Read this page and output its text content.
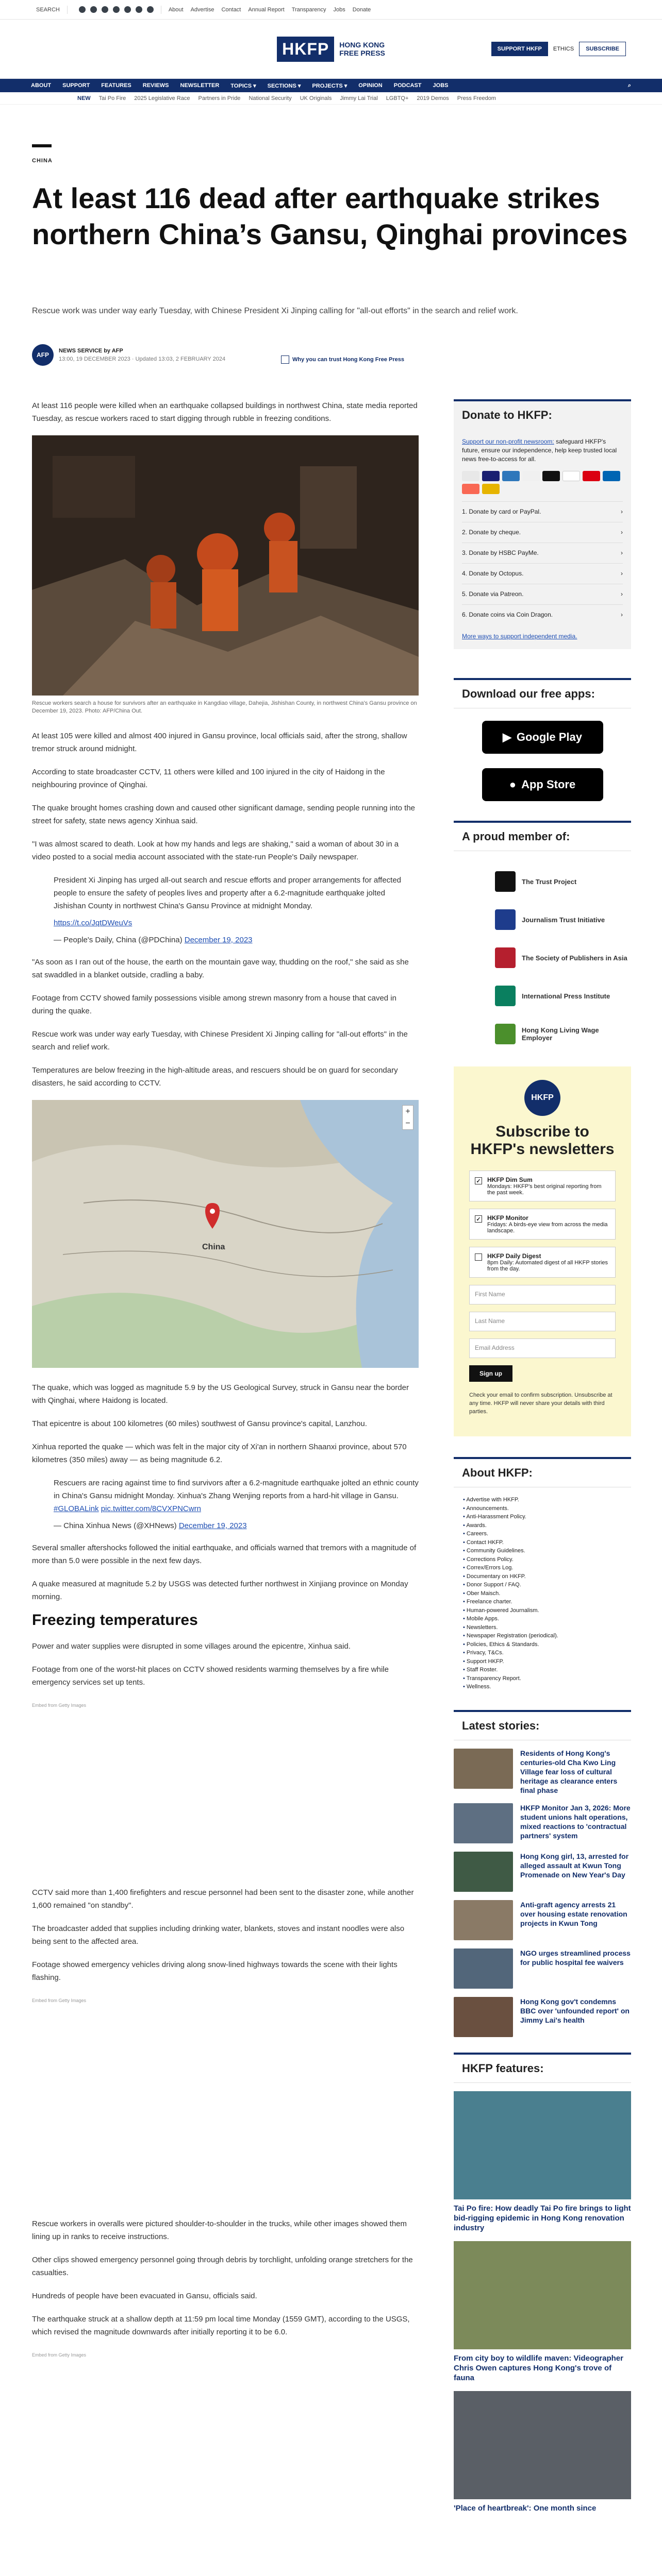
SEARCH	About Advertise Contact Annual Report Transparency Jobs Donate
HKFP	HONG KONG
FREE PRESS	SUPPORT HKFP	ETHICS	SUBSCRIBE
ABOUT SUPPORT FEATURES REVIEWS NEWSLETTER TOPICS ▾ SECTIONS ▾ PROJECTS ▾ OPINION PODCAST JOBS	⌕
NEW Tai Po Fire 2025 Legislative Race Partners in Pride National Security UK Originals Jimmy Lai Trial LGBTQ+ 2019 Demos Press Freedom
CHINA
At least 116 dead after earthquake strikes northern China’s Gansu, Qinghai provinces
Rescue work was under way early Tuesday, with Chinese President Xi Jinping calling for "all-out efforts" in the search and relief work.
AFP
NEWS SERVICE by AFP
13:00, 19 DECEMBER 2023 · Updated 13:03, 2 FEBRUARY 2024	Why you can trust Hong Kong Free Press

At least 116 people were killed when an earthquake collapsed buildings in northwest China, state media reported Tuesday, as rescue workers raced to start digging through rubble in freezing conditions.

Rescue workers search a house for survivors after an earthquake in Kangdiao village, Dahejia, Jishishan County, in northwest China's Gansu province on December 19, 2023. Photo: AFP/China Out.

At least 105 were killed and almost 400 injured in Gansu province, local officials said, after the strong, shallow tremor struck around midnight.

According to state broadcaster CCTV, 11 others were killed and 100 injured in the city of Haidong in the neighbouring province of Qinghai.

The quake brought homes crashing down and caused other significant damage, sending people running into the street for safety, state news agency Xinhua said.

"I was almost scared to death. Look at how my hands and legs are shaking," said a woman of about 30 in a video posted to a social media account associated with the state-run People's Daily newspaper.

President Xi Jinping has urged all-out search and rescue efforts and proper arrangements for affected people to ensure the safety of peoples lives and property after a 6.2-magnitude earthquake jolted Jishishan County in northwest China's Gansu Province at midnight Monday.

https://t.co/JqtDWeuVs

— People's Daily, China (@PDChina) December 19, 2023

"As soon as I ran out of the house, the earth on the mountain gave way, thudding on the roof," she said as she sat swaddled in a blanket outside, cradling a baby.

Footage from CCTV showed family possessions visible among strewn masonry from a house that caved in during the quake.

Rescue work was under way early Tuesday, with Chinese President Xi Jinping calling for "all-out efforts" in the search and relief work.

Temperatures are below freezing in the high-altitude areas, and rescuers should be on guard for secondary disasters, he said according to CCTV.

China
+
−

The quake, which was logged as magnitude 5.9 by the US Geological Survey, struck in Gansu near the border with Qinghai, where Haidong is located.

That epicentre is about 100 kilometres (60 miles) southwest of Gansu province's capital, Lanzhou.

Xinhua reported the quake — which was felt in the major city of Xi'an in northern Shaanxi province, about 570 kilometres (350 miles) away — as being magnitude 6.2.

Rescuers are racing against time to find survivors after a 6.2-magnitude earthquake jolted an ethnic county in China's Gansu midnight Monday. Xinhua's Zhang Wenjing reports from a hard-hit village in Gansu. #GLOBALink pic.twitter.com/8CVXPNCwrn

— China Xinhua News (@XHNews) December 19, 2023

Several smaller aftershocks followed the initial earthquake, and officials warned that tremors with a magnitude of more than 5.0 were possible in the next few days.

A quake measured at magnitude 5.2 by USGS was detected further northwest in Xinjiang province on Monday morning.

Freezing temperatures

Power and water supplies were disrupted in some villages around the epicentre, Xinhua said.

Footage from one of the worst-hit places on CCTV showed residents warming themselves by a fire while emergency services set up tents.

Embed from Getty Images

CCTV said more than 1,400 firefighters and rescue personnel had been sent to the disaster zone, while another 1,600 remained "on standby".

The broadcaster added that supplies including drinking water, blankets, stoves and instant noodles were also being sent to the affected area.

Footage showed emergency vehicles driving along snow-lined highways towards the scene with their lights flashing.

Embed from Getty Images

Rescue workers in overalls were pictured shoulder-to-shoulder in the trucks, while other images showed them lining up in ranks to receive instructions.

Other clips showed emergency personnel going through debris by torchlight, unfolding orange stretchers for the casualties.

Hundreds of people have been evacuated in Gansu, officials said.

The earthquake struck at a shallow depth at 11:59 pm local time Monday (1559 GMT), according to the USGS, which revised the magnitude downwards after initially reporting it to be 6.0.

Embed from Getty Images
Donate to HKFP:

Support our non-profit newsroom: safeguard HKFP's future, ensure our independence, help keep trusted local news free-to-access for all.

1. Donate by card or PayPal.	›
2. Donate by cheque.	›
3. Donate by HSBC PayMe.	›
4. Donate by Octopus.	›
5. Donate via Patreon.	›
6. Donate coins via Coin Dragon.	›

More ways to support independent media.

Download our free apps:
▶ Google Play
● App Store
A proud member of:
The Trust Project
Journalism Trust Initiative
The Society of Publishers in Asia
International Press Institute
Hong Kong Living Wage Employer
HKFP
Subscribe to HKFP's newsletters
✓ HKFP Dim Sum
Mondays: HKFP's best original reporting from the past week.
✓ HKFP Monitor
Fridays: A birds-eye view from across the media landscape.
HKFP Daily Digest
8pm Daily: Automated digest of all HKFP stories from the day.
First Name
Last Name
Email Address
Sign up
Check your email to confirm subscription. Unsubscribe at any time. HKFP will never share your details with third parties.
About HKFP:
• Advertise with HKFP.
• Announcements.
• Anti-Harassment Policy.
• Awards.
• Careers.
• Contact HKFP.
• Community Guidelines.
• Corrections Policy.
• Correx/Errors Log.
• Documentary on HKFP.
• Donor Support / FAQ.
• Ober Maisch.
• Freelance charter.
• Human-powered Journalism.
• Mobile Apps.
• Newsletters.
• Newspaper Registration (periodical).
• Policies, Ethics & Standards.
• Privacy, T&Cs.
• Support HKFP.
• Staff Roster.
• Transparency Report.
• Wellness.
Latest stories:
Residents of Hong Kong's centuries-old Cha Kwo Ling Village fear loss of cultural heritage as clearance enters final phase
HKFP Monitor Jan 3, 2026: More student unions halt operations, mixed reactions to 'contractual partners' system
Hong Kong girl, 13, arrested for alleged assault at Kwun Tong Promenade on New Year's Day
Anti-graft agency arrests 21 over housing estate renovation projects in Kwun Tong
NGO urges streamlined process for public hospital fee waivers
Hong Kong gov't condemns BBC over 'unfounded report' on Jimmy Lai's health
HKFP features:
Tai Po fire: How deadly Tai Po fire brings to light bid-rigging epidemic in Hong Kong renovation industry
From city boy to wildlife maven: Videographer Chris Owen captures Hong Kong's trove of fauna
'Place of heartbreak': One month since
